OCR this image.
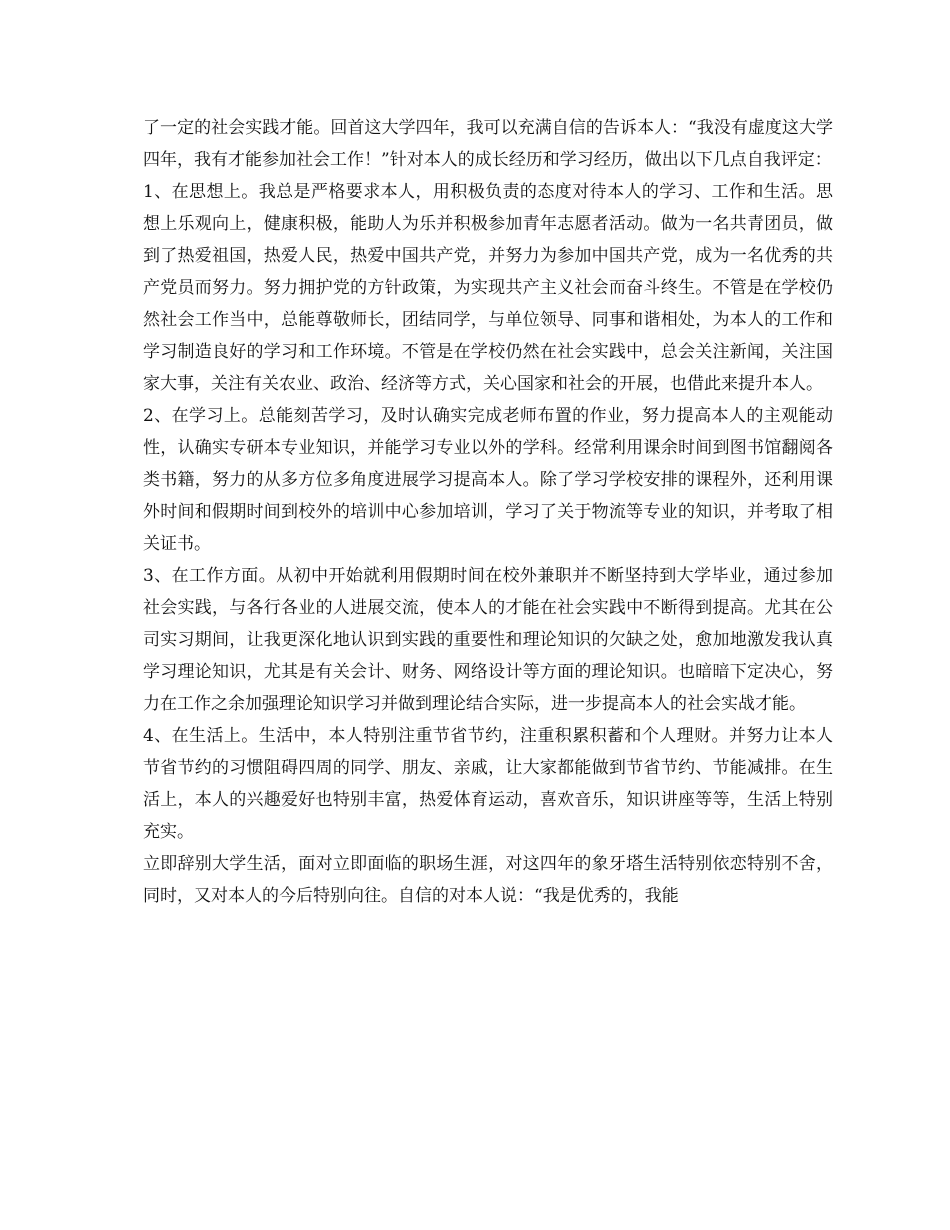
了一定的社会实践才能。回首这大学四年，我可以充满自信的告诉本人：“我没有虚度这大学四年，我有才能参加社会工作！”针对本人的成长经历和学习经历，做出以下几点自我评定：

1、在思想上。我总是严格要求本人，用积极负责的态度对待本人的学习、工作和生活。思想上乐观向上，健康积极，能助人为乐并积极参加青年志愿者活动。做为一名共青团员，做到了热爱祖国，热爱人民，热爱中国共产党，并努力为参加中国共产党，成为一名优秀的共产党员而努力。努力拥护党的方针政策，为实现共产主义社会而奋斗终生。不管是在学校仍然社会工作当中，总能尊敬师长，团结同学，与单位领导、同事和谐相处，为本人的工作和学习制造良好的学习和工作环境。不管是在学校仍然在社会实践中，总会关注新闻，关注国家大事，关注有关农业、政治、经济等方式，关心国家和社会的开展，也借此来提升本人。

2、在学习上。总能刻苦学习，及时认确实完成老师布置的作业，努力提高本人的主观能动性，认确实专研本专业知识，并能学习专业以外的学科。经常利用课余时间到图书馆翻阅各类书籍，努力的从多方位多角度进展学习提高本人。除了学习学校安排的课程外，还利用课外时间和假期时间到校外的培训中心参加培训，学习了关于物流等专业的知识，并考取了相关证书。

3、在工作方面。从初中开始就利用假期时间在校外兼职并不断坚持到大学毕业，通过参加社会实践，与各行各业的人进展交流，使本人的才能在社会实践中不断得到提高。尤其在公司实习期间，让我更深化地认识到实践的重要性和理论知识的欠缺之处，愈加地激发我认真学习理论知识，尤其是有关会计、财务、网络设计等方面的理论知识。也暗暗下定决心，努力在工作之余加强理论知识学习并做到理论结合实际，进一步提高本人的社会实战才能。

4、在生活上。生活中，本人特别注重节省节约，注重积累积蓄和个人理财。并努力让本人节省节约的习惯阻碍四周的同学、朋友、亲戚，让大家都能做到节省节约、节能减排。在生活上，本人的兴趣爱好也特别丰富，热爱体育运动，喜欢音乐，知识讲座等等，生活上特别充实。

立即辞别大学生活，面对立即面临的职场生涯，对这四年的象牙塔生活特别依恋特别不舍，同时，又对本人的今后特别向往。自信的对本人说：“我是优秀的，我能
